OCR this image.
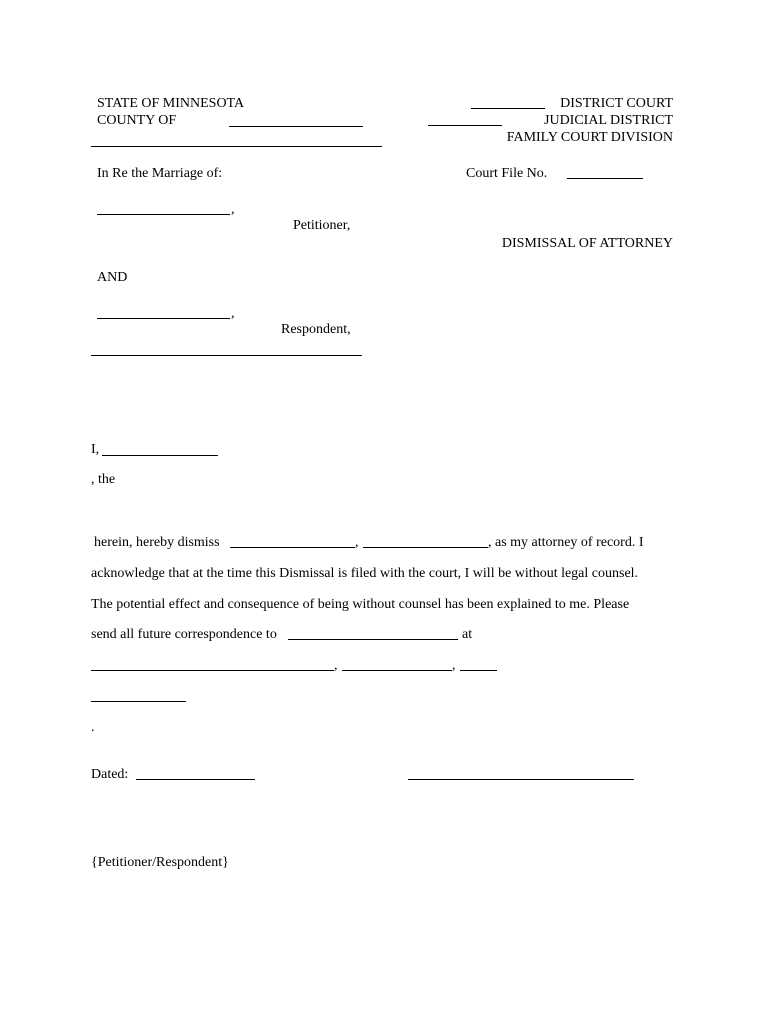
STATE OF MINNESOTA
COUNTY OF
DISTRICT COURT
JUDICIAL DISTRICT
FAMILY COURT DIVISION
In Re the Marriage of:	Court File No.
,
Petitioner,
DISMISSAL OF ATTORNEY
AND
,
Respondent,
I,
, the
herein, hereby dismiss	,	, as my attorney of record. I
acknowledge that at the time this Dismissal is filed with the court, I will be without legal counsel.
The potential effect and consequence of being without counsel has been explained to me. Please
send all future correspondence to	at
,	,
.
Dated:
{Petitioner/Respondent}
